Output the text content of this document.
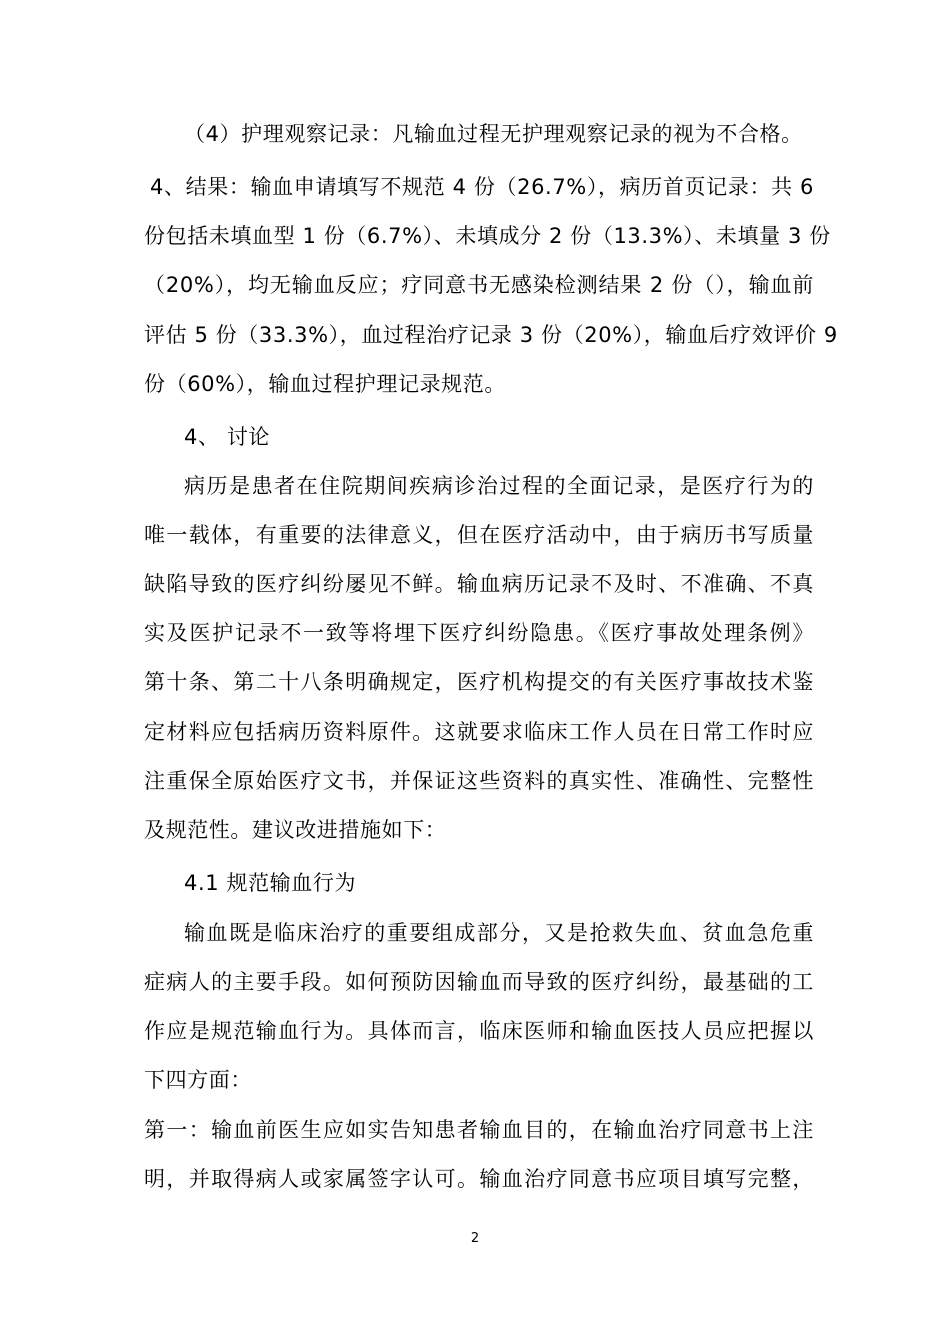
（4）护理观察记录：凡输血过程无护理观察记录的视为不合格。
4、结果：输血申请填写不规范 4 份（26.7%），病历首页记录：共 6
份包括未填血型 1 份（6.7%）、未填成分 2 份（13.3%）、未填量 3 份
（20%），均无输血反应；疗同意书无感染检测结果 2 份（），输血前
评估 5 份（33.3%），血过程治疗记录 3 份（20%），输血后疗效评价 9
份（60%），输血过程护理记录规范。
4、 讨论
病历是患者在住院期间疾病诊治过程的全面记录，是医疗行为的
唯一载体，有重要的法律意义，但在医疗活动中，由于病历书写质量
缺陷导致的医疗纠纷屡见不鲜。输血病历记录不及时、不准确、不真
实及医护记录不一致等将埋下医疗纠纷隐患。《医疗事故处理条例》
第十条、第二十八条明确规定，医疗机构提交的有关医疗事故技术鉴
定材料应包括病历资料原件。这就要求临床工作人员在日常工作时应
注重保全原始医疗文书，并保证这些资料的真实性、准确性、完整性
及规范性。建议改进措施如下：
4.1 规范输血行为
输血既是临床治疗的重要组成部分，又是抢救失血、贫血急危重
症病人的主要手段。如何预防因输血而导致的医疗纠纷，最基础的工
作应是规范输血行为。具体而言，临床医师和输血医技人员应把握以
下四方面：
第一：输血前医生应如实告知患者输血目的，在输血治疗同意书上注
明，并取得病人或家属签字认可。输血治疗同意书应项目填写完整，
2
